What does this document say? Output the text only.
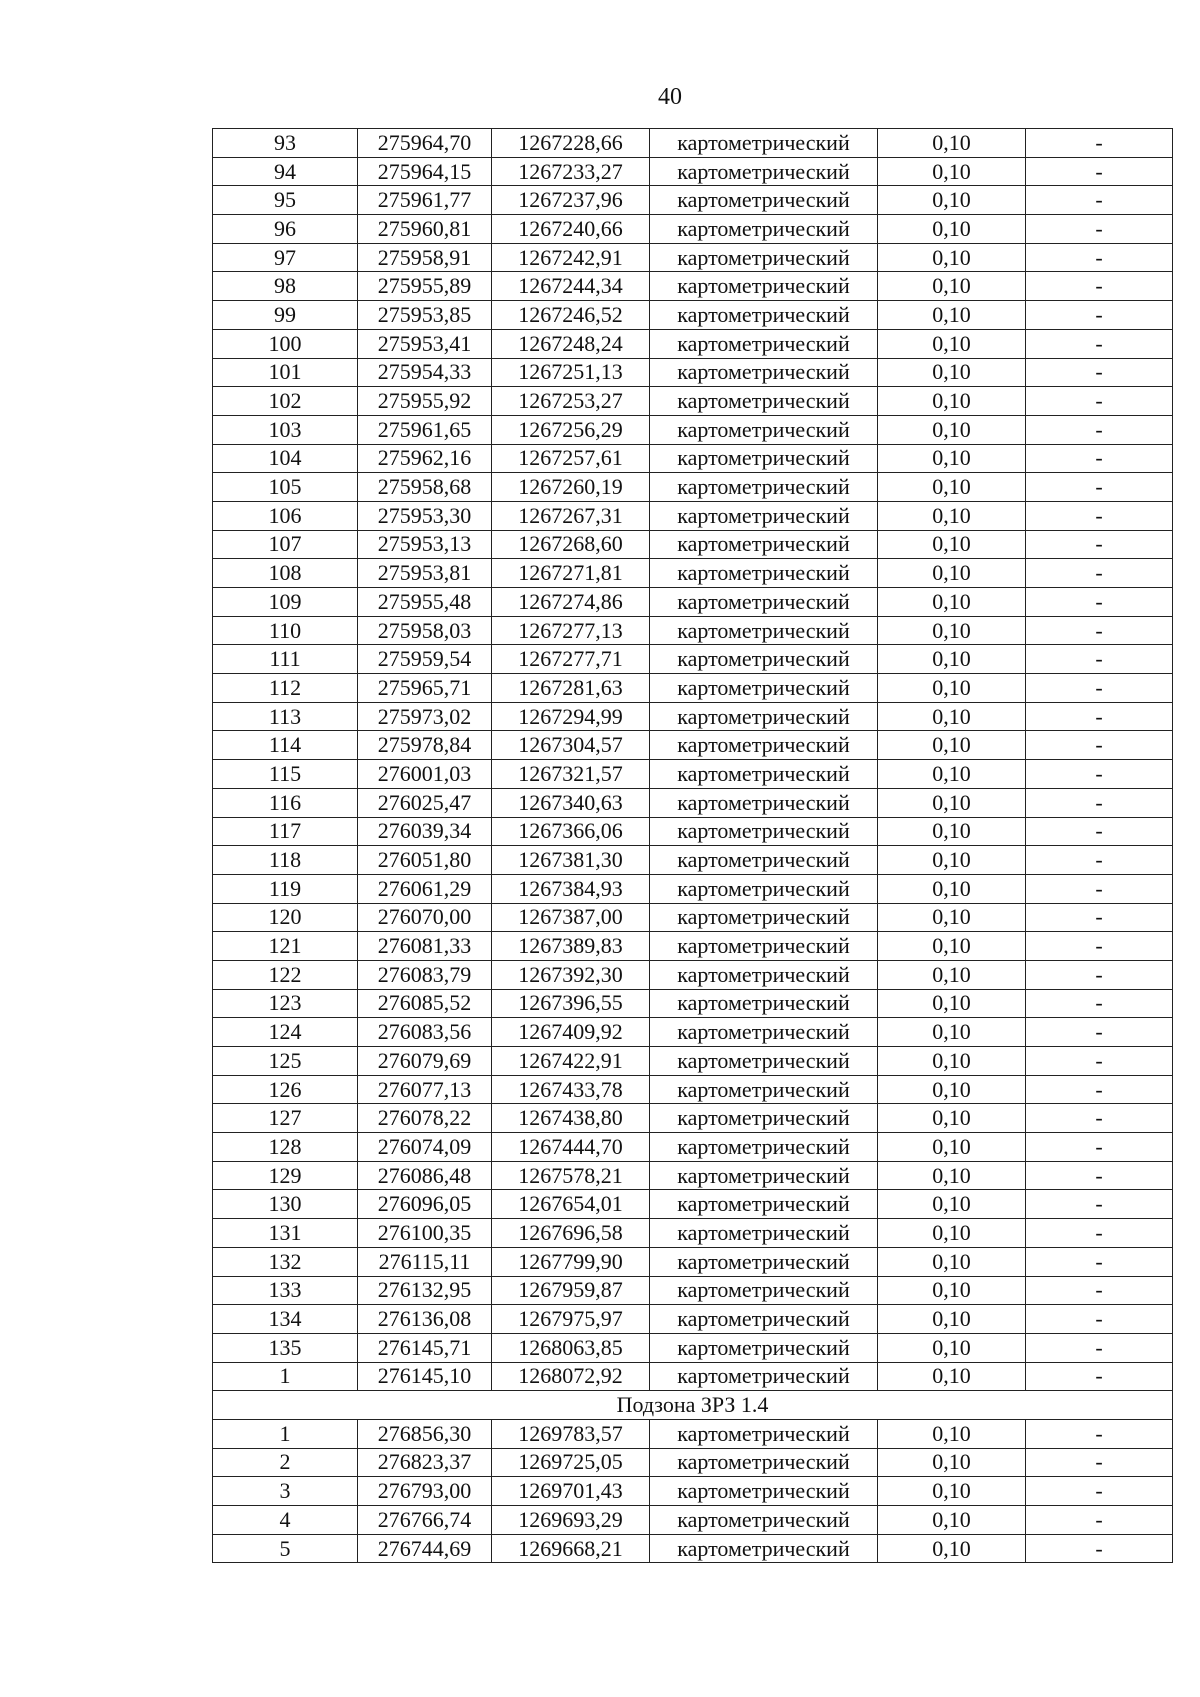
40
93	275964,70	1267228,66	картометрический	0,10	-
94	275964,15	1267233,27	картометрический	0,10	-
95	275961,77	1267237,96	картометрический	0,10	-
96	275960,81	1267240,66	картометрический	0,10	-
97	275958,91	1267242,91	картометрический	0,10	-
98	275955,89	1267244,34	картометрический	0,10	-
99	275953,85	1267246,52	картометрический	0,10	-
100	275953,41	1267248,24	картометрический	0,10	-
101	275954,33	1267251,13	картометрический	0,10	-
102	275955,92	1267253,27	картометрический	0,10	-
103	275961,65	1267256,29	картометрический	0,10	-
104	275962,16	1267257,61	картометрический	0,10	-
105	275958,68	1267260,19	картометрический	0,10	-
106	275953,30	1267267,31	картометрический	0,10	-
107	275953,13	1267268,60	картометрический	0,10	-
108	275953,81	1267271,81	картометрический	0,10	-
109	275955,48	1267274,86	картометрический	0,10	-
110	275958,03	1267277,13	картометрический	0,10	-
111	275959,54	1267277,71	картометрический	0,10	-
112	275965,71	1267281,63	картометрический	0,10	-
113	275973,02	1267294,99	картометрический	0,10	-
114	275978,84	1267304,57	картометрический	0,10	-
115	276001,03	1267321,57	картометрический	0,10	-
116	276025,47	1267340,63	картометрический	0,10	-
117	276039,34	1267366,06	картометрический	0,10	-
118	276051,80	1267381,30	картометрический	0,10	-
119	276061,29	1267384,93	картометрический	0,10	-
120	276070,00	1267387,00	картометрический	0,10	-
121	276081,33	1267389,83	картометрический	0,10	-
122	276083,79	1267392,30	картометрический	0,10	-
123	276085,52	1267396,55	картометрический	0,10	-
124	276083,56	1267409,92	картометрический	0,10	-
125	276079,69	1267422,91	картометрический	0,10	-
126	276077,13	1267433,78	картометрический	0,10	-
127	276078,22	1267438,80	картометрический	0,10	-
128	276074,09	1267444,70	картометрический	0,10	-
129	276086,48	1267578,21	картометрический	0,10	-
130	276096,05	1267654,01	картометрический	0,10	-
131	276100,35	1267696,58	картометрический	0,10	-
132	276115,11	1267799,90	картометрический	0,10	-
133	276132,95	1267959,87	картометрический	0,10	-
134	276136,08	1267975,97	картометрический	0,10	-
135	276145,71	1268063,85	картометрический	0,10	-
1	276145,10	1268072,92	картометрический	0,10	-
Подзона ЗРЗ 1.4					
1	276856,30	1269783,57	картометрический	0,10	-
2	276823,37	1269725,05	картометрический	0,10	-
3	276793,00	1269701,43	картометрический	0,10	-
4	276766,74	1269693,29	картометрический	0,10	-
5	276744,69	1269668,21	картометрический	0,10	-
